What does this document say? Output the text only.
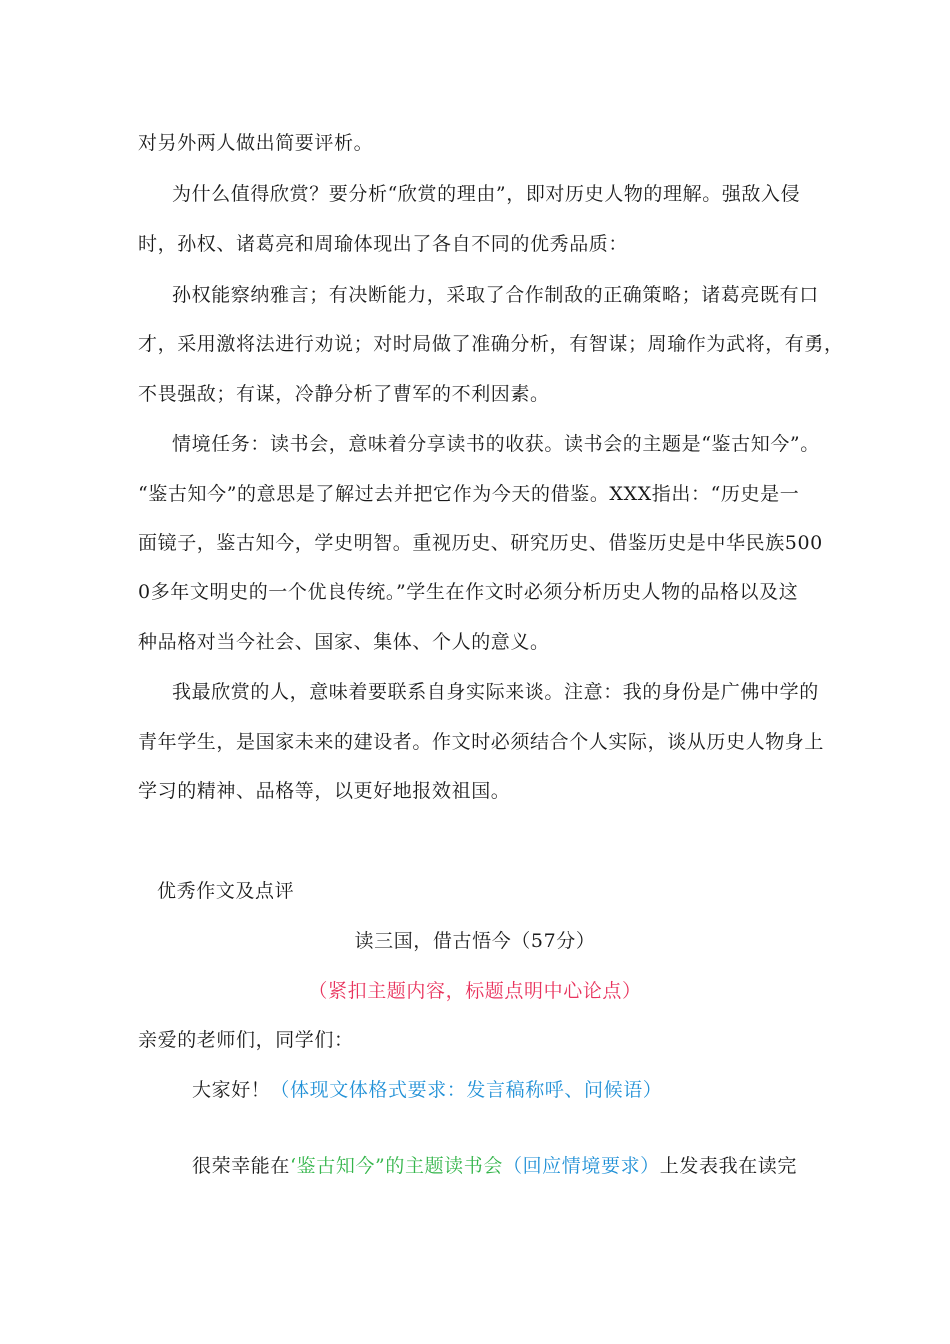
对另外两人做出简要评析。
为什么值得欣赏？要分析“欣赏的理由”，即对历史人物的理解。强敌入侵
时，孙权、诸葛亮和周瑜体现出了各自不同的优秀品质：
孙权能察纳雅言；有决断能力，采取了合作制敌的正确策略；诸葛亮既有口
才，采用激将法进行劝说；对时局做了准确分析，有智谋；周瑜作为武将，有勇，
不畏强敌；有谋，冷静分析了曹军的不利因素。
情境任务：读书会，意味着分享读书的收获。读书会的主题是“鉴古知今”。
“鉴古知今”的意思是了解过去并把它作为今天的借鉴。XXX指出：“历史是一
面镜子，鉴古知今，学史明智。重视历史、研究历史、借鉴历史是中华民族500
0多年文明史的一个优良传统。”学生在作文时必须分析历史人物的品格以及这
种品格对当今社会、国家、集体、个人的意义。
我最欣赏的人，意味着要联系自身实际来谈。注意：我的身份是广佛中学的
青年学生，是国家未来的建设者。作文时必须结合个人实际，谈从历史人物身上
学习的精神、品格等，以更好地报效祖国。
优秀作文及点评
读三国，借古悟今（57分）
（紧扣主题内容，标题点明中心论点）
亲爱的老师们，同学们：
大家好！（体现文体格式要求：发言稿称呼、问候语）
很荣幸能在‘鉴古知今”的主题读书会（回应情境要求）上发表我在读完
